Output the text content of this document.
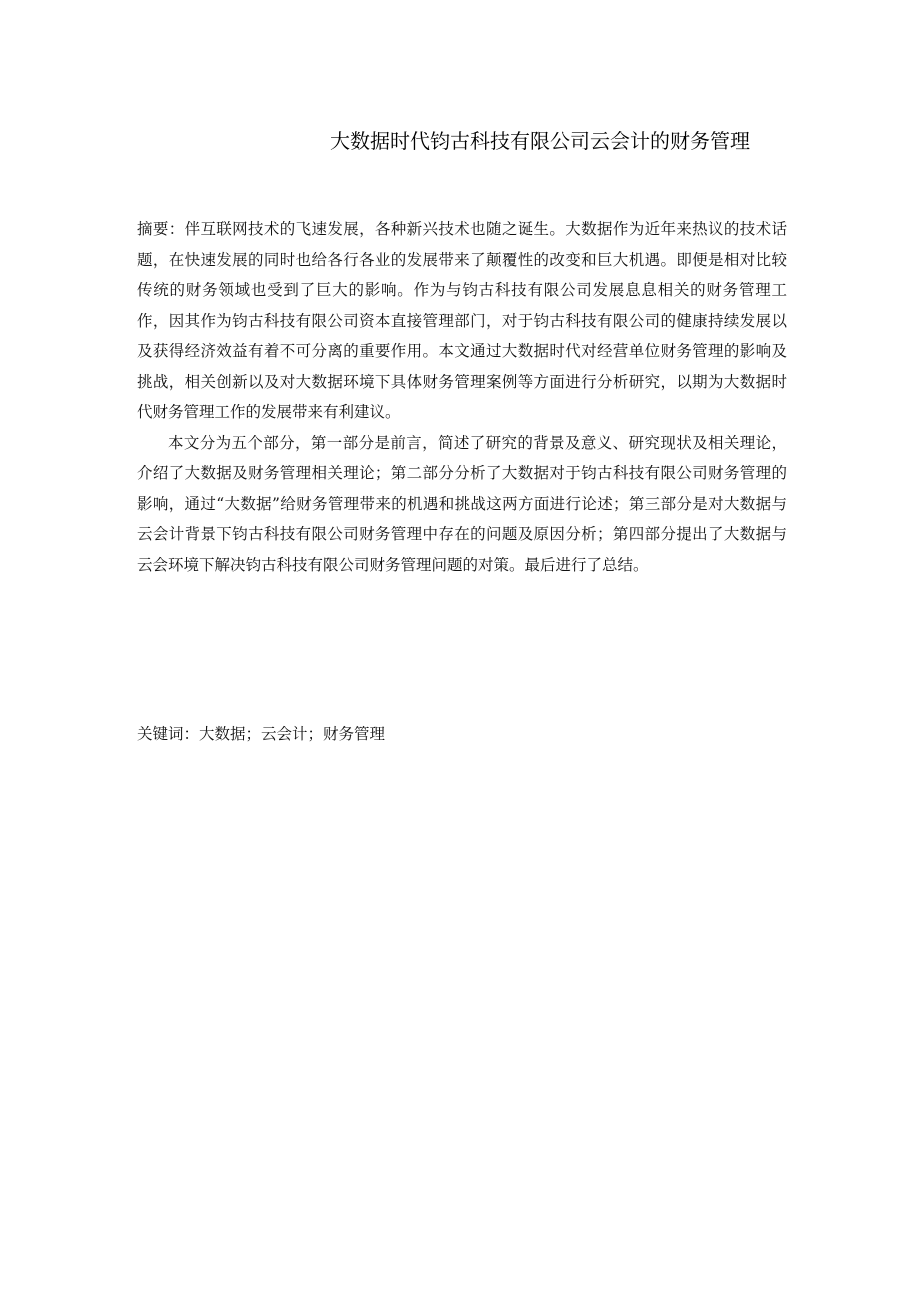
大数据时代钧古科技有限公司云会计的财务管理

摘要：伴互联网技术的飞速发展，各种新兴技术也随之诞生。大数据作为近年来热议的技术话题，在快速发展的同时也给各行各业的发展带来了颠覆性的改变和巨大机遇。即便是相对比较传统的财务领域也受到了巨大的影响。作为与钧古科技有限公司发展息息相关的财务管理工作，因其作为钧古科技有限公司资本直接管理部门，对于钧古科技有限公司的健康持续发展以及获得经济效益有着不可分离的重要作用。本文通过大数据时代对经营单位财务管理的影响及挑战，相关创新以及对大数据环境下具体财务管理案例等方面进行分析研究，以期为大数据时代财务管理工作的发展带来有利建议。

本文分为五个部分，第一部分是前言，简述了研究的背景及意义、研究现状及相关理论，介绍了大数据及财务管理相关理论；第二部分分析了大数据对于钧古科技有限公司财务管理的影响，通过“大数据”给财务管理带来的机遇和挑战这两方面进行论述；第三部分是对大数据与云会计背景下钧古科技有限公司财务管理中存在的问题及原因分析；第四部分提出了大数据与云会环境下解决钧古科技有限公司财务管理问题的对策。最后进行了总结。

关键词：大数据；云会计；财务管理
